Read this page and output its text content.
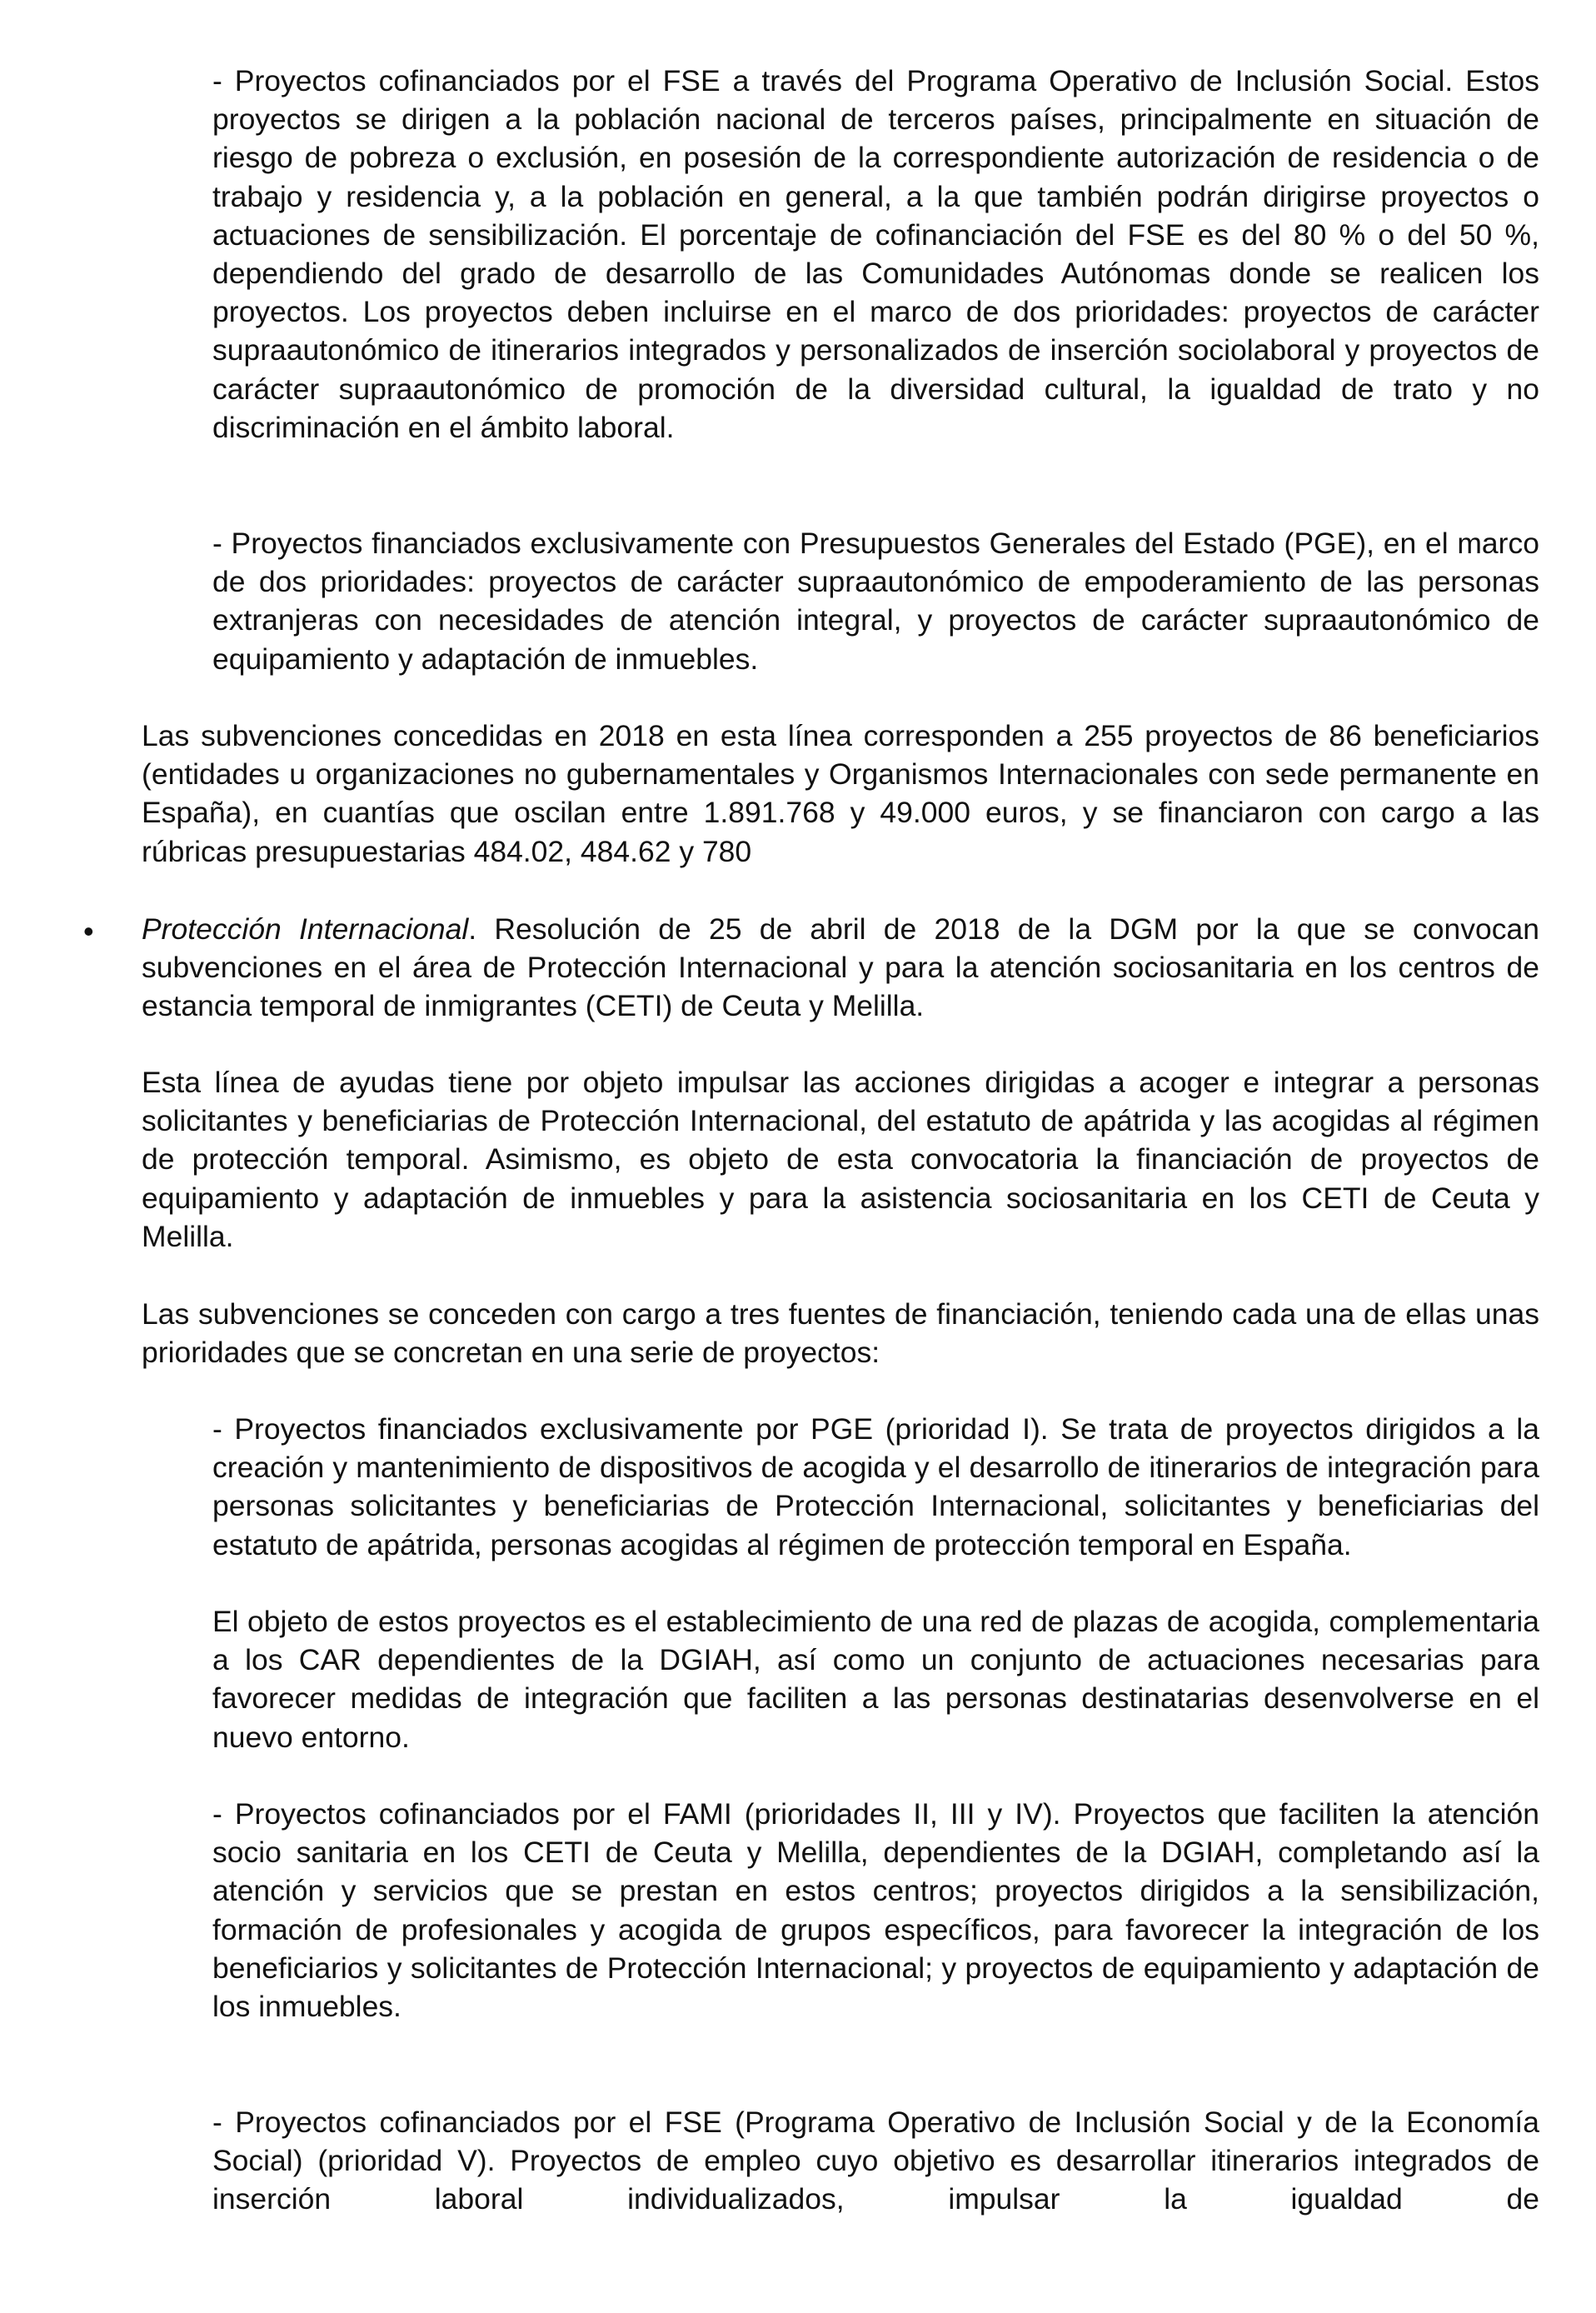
- Proyectos cofinanciados por el FSE a través del Programa Operativo de Inclusión Social. Estos proyectos se dirigen a la población nacional de terceros países, principalmente en situación de riesgo de pobreza o exclusión, en posesión de la correspondiente autorización de residencia o de trabajo y residencia y, a la población en general, a la que también podrán dirigirse proyectos o actuaciones de sensibilización. El porcentaje de cofinanciación del FSE es del 80 % o del 50 %, dependiendo del grado de desarrollo de las Comunidades Autónomas donde se realicen los proyectos. Los proyectos deben incluirse en el marco de dos prioridades: proyectos de carácter supraautonómico de itinerarios integrados y personalizados de inserción sociolaboral y proyectos de carácter supraautonómico de promoción de la diversidad cultural, la igualdad de trato y no discriminación en el ámbito laboral.

- Proyectos financiados exclusivamente con Presupuestos Generales del Estado (PGE), en el marco de dos prioridades: proyectos de carácter supraautonómico de empoderamiento de las personas extranjeras con necesidades de atención integral, y proyectos de carácter supraautonómico de equipamiento y adaptación de inmuebles.

Las subvenciones concedidas en 2018 en esta línea corresponden a 255 proyectos de 86 beneficiarios (entidades u organizaciones no gubernamentales y Organismos Internacionales con sede permanente en España), en cuantías que oscilan entre 1.891.768 y 49.000 euros, y se financiaron con cargo a las rúbricas presupuestarias 484.02, 484.62 y 780

• Protección Internacional. Resolución de 25 de abril de 2018 de la DGM por la que se convocan subvenciones en el área de Protección Internacional y para la atención sociosanitaria en los centros de estancia temporal de inmigrantes (CETI) de Ceuta y Melilla.

Esta línea de ayudas tiene por objeto impulsar las acciones dirigidas a acoger e integrar a personas solicitantes y beneficiarias de Protección Internacional, del estatuto de apátrida y las acogidas al régimen de protección temporal. Asimismo, es objeto de esta convocatoria la financiación de proyectos de equipamiento y adaptación de inmuebles y para la asistencia sociosanitaria en los CETI de Ceuta y Melilla.

Las subvenciones se conceden con cargo a tres fuentes de financiación, teniendo cada una de ellas unas prioridades que se concretan en una serie de proyectos:

- Proyectos financiados exclusivamente por PGE (prioridad I). Se trata de proyectos dirigidos a la creación y mantenimiento de dispositivos de acogida y el desarrollo de itinerarios de integración para personas solicitantes y beneficiarias de Protección Internacional, solicitantes y beneficiarias del estatuto de apátrida, personas acogidas al régimen de protección temporal en España.

El objeto de estos proyectos es el establecimiento de una red de plazas de acogida, complementaria a los CAR dependientes de la DGIAH, así como un conjunto de actuaciones necesarias para favorecer medidas de integración que faciliten a las personas destinatarias desenvolverse en el nuevo entorno.

- Proyectos cofinanciados por el FAMI (prioridades II, III y IV). Proyectos que faciliten la atención socio sanitaria en los CETI de Ceuta y Melilla, dependientes de la DGIAH, completando así la atención y servicios que se prestan en estos centros; proyectos dirigidos a la sensibilización, formación de profesionales y acogida de grupos específicos, para favorecer la integración de los beneficiarios y solicitantes de Protección Internacional; y proyectos de equipamiento y adaptación de los inmuebles.

- Proyectos cofinanciados por el FSE (Programa Operativo de Inclusión Social y de la Economía Social) (prioridad V). Proyectos de empleo cuyo objetivo es desarrollar itinerarios integrados de inserción laboral individualizados, impulsar la igualdad de
